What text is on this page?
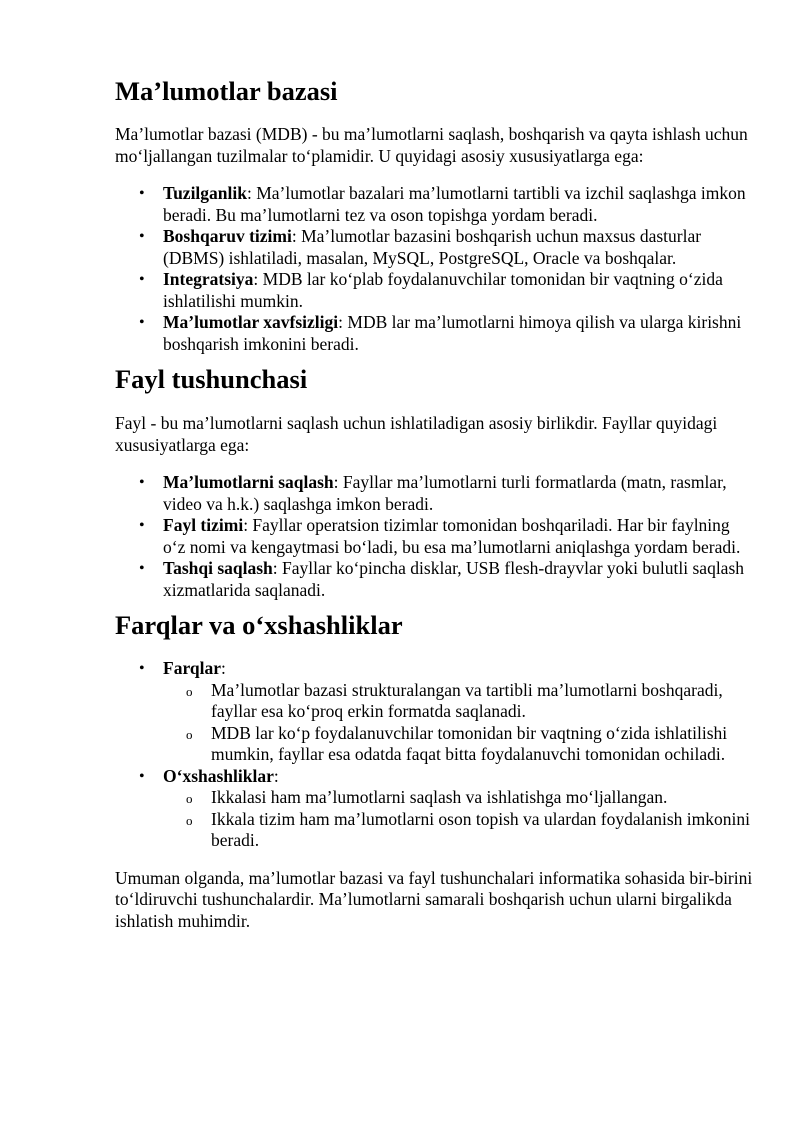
Ma’lumotlar bazasi

Ma’lumotlar bazasi (MDB) - bu ma’lumotlarni saqlash, boshqarish va qayta ishlash uchun mo‘ljallangan tuzilmalar to‘plamidir. U quyidagi asosiy xususiyatlarga ega:

• Tuzilganlik: Ma’lumotlar bazalari ma’lumotlarni tartibli va izchil saqlashga imkon beradi. Bu ma’lumotlarni tez va oson topishga yordam beradi.
• Boshqaruv tizimi: Ma’lumotlar bazasini boshqarish uchun maxsus dasturlar (DBMS) ishlatiladi, masalan, MySQL, PostgreSQL, Oracle va boshqalar.
• Integratsiya: MDB lar ko‘plab foydalanuvchilar tomonidan bir vaqtning o‘zida ishlatilishi mumkin.
• Ma’lumotlar xavfsizligi: MDB lar ma’lumotlarni himoya qilish va ularga kirishni boshqarish imkonini beradi.
Fayl tushunchasi

Fayl - bu ma’lumotlarni saqlash uchun ishlatiladigan asosiy birlikdir. Fayllar quyidagi xususiyatlarga ega:

• Ma’lumotlarni saqlash: Fayllar ma’lumotlarni turli formatlarda (matn, rasmlar, video va h.k.) saqlashga imkon beradi.
• Fayl tizimi: Fayllar operatsion tizimlar tomonidan boshqariladi. Har bir faylning o‘z nomi va kengaytmasi bo‘ladi, bu esa ma’lumotlarni aniqlashga yordam beradi.
• Tashqi saqlash: Fayllar ko‘pincha disklar, USB flesh-drayvlar yoki bulutli saqlash xizmatlarida saqlanadi.
Farqlar va o‘xshashliklar
• Farqlar:
o Ma’lumotlar bazasi strukturalangan va tartibli ma’lumotlarni boshqaradi, fayllar esa ko‘proq erkin formatda saqlanadi.
o MDB lar ko‘p foydalanuvchilar tomonidan bir vaqtning o‘zida ishlatilishi mumkin, fayllar esa odatda faqat bitta foydalanuvchi tomonidan ochiladi.
• O‘xshashliklar:
o Ikkalasi ham ma’lumotlarni saqlash va ishlatishga mo‘ljallangan.
o Ikkala tizim ham ma’lumotlarni oson topish va ulardan foydalanish imkonini beradi.

Umuman olganda, ma’lumotlar bazasi va fayl tushunchalari informatika sohasida bir-birini to‘ldiruvchi tushunchalardir. Ma’lumotlarni samarali boshqarish uchun ularni birgalikda ishlatish muhimdir.
